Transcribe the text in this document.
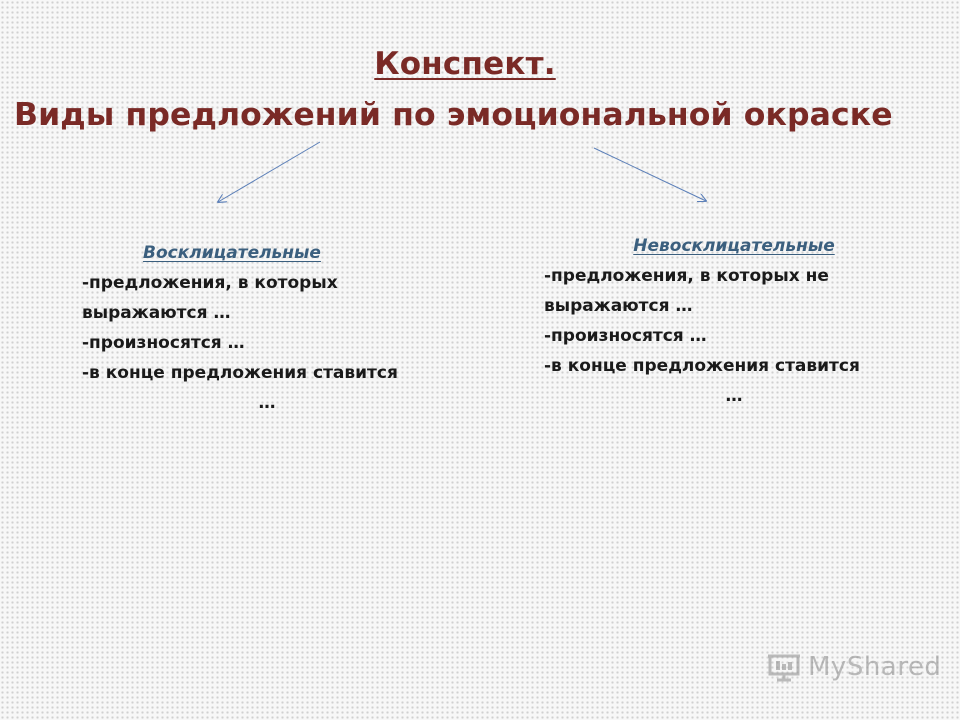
Конспект.
Виды предложений по эмоциональной окраске
Восклицательные
-предложения, в которых
выражаются …
-произносятся …
-в конце предложения ставится
…
Невосклицательные
-предложения, в которых не
выражаются …
-произносятся …
-в конце предложения ставится
…
MyShared
